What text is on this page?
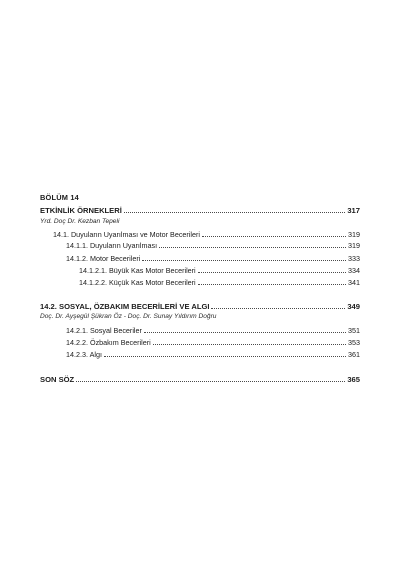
BÖLÜM 14
ETKİNLİK ÖRNEKLERİ	317
Yrd. Doç Dr. Kezban Tepeli
14.1. Duyuların Uyarılması ve Motor Becerileri	319
14.1.1. Duyuların Uyarılması	319
14.1.2. Motor Becerileri	333
14.1.2.1. Büyük Kas Motor Becerileri	334
14.1.2.2. Küçük Kas Motor Becerileri	341
14.2. SOSYAL, ÖZBAKIM BECERİLERİ VE ALGI	349
Doç. Dr. Ayşegül Şükran Öz - Doç. Dr. Sunay Yıldırım Doğru
14.2.1. Sosyal Beceriler	351
14.2.2. Özbakım Becerileri	353
14.2.3. Algı	361
SON SÖZ	365
